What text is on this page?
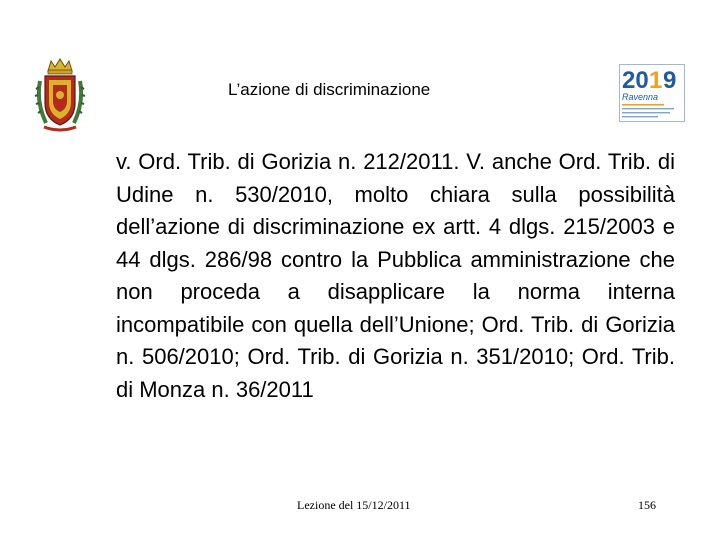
L’azione di discriminazione	20 1 9
Ravenna
v. Ord. Trib. di Gorizia n. 212/2011. V. anche Ord. Trib. di Udine n. 530/2010, molto chiara sulla possibilità dell’azione di discriminazione ex artt. 4 dlgs. 215/2003 e 44 dlgs. 286/98 contro la Pubblica amministrazione che non proceda a disapplicare la norma interna incompatibile con quella dell’Unione; Ord. Trib. di Gorizia n. 506/2010; Ord. Trib. di Gorizia n. 351/2010; Ord. Trib. di Monza n. 36/2011
Lezione del 15/12/2011	156
